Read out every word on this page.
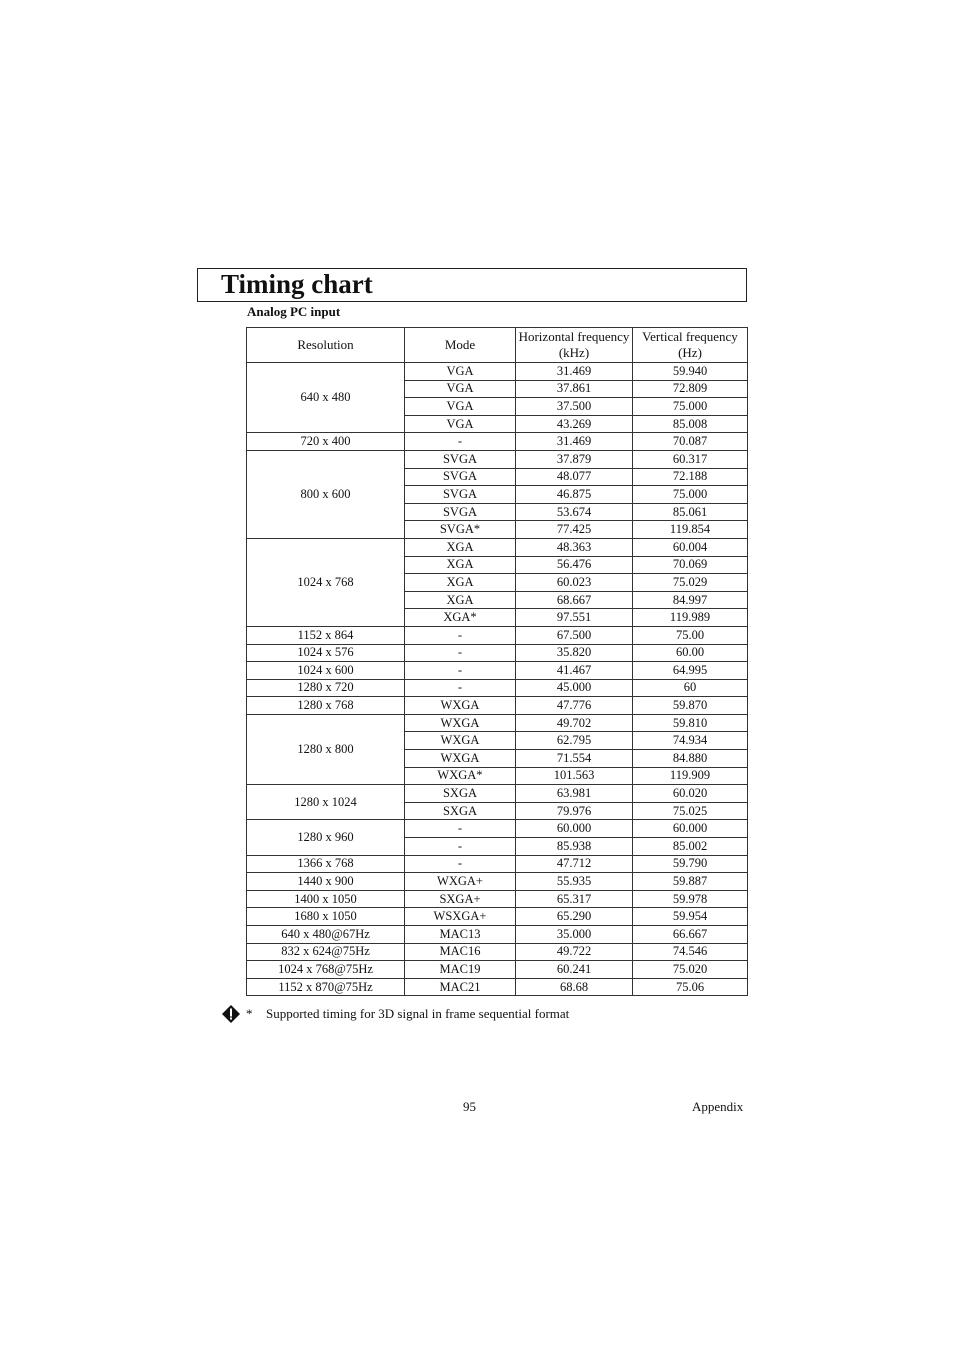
Timing chart
Analog PC input
Resolution	Mode	Horizontal frequency (kHz)	Vertical frequency (Hz)
640 x 480	VGA	31.469	59.940
	VGA	37.861	72.809
	VGA	37.500	75.000
	VGA	43.269	85.008
720 x 400	-	31.469	70.087
800 x 600	SVGA	37.879	60.317
	SVGA	48.077	72.188
	SVGA	46.875	75.000
	SVGA	53.674	85.061
	SVGA*	77.425	119.854
1024 x 768	XGA	48.363	60.004
	XGA	56.476	70.069
	XGA	60.023	75.029
	XGA	68.667	84.997
	XGA*	97.551	119.989
1152 x 864	-	67.500	75.00
1024 x 576	-	35.820	60.00
1024 x 600	-	41.467	64.995
1280 x 720	-	45.000	60
1280 x 768	WXGA	47.776	59.870
1280 x 800	WXGA	49.702	59.810
	WXGA	62.795	74.934
	WXGA	71.554	84.880
	WXGA*	101.563	119.909
1280 x 1024	SXGA	63.981	60.020
	SXGA	79.976	75.025
1280 x 960	-	60.000	60.000
	-	85.938	85.002
1366 x 768	-	47.712	59.790
1440 x 900	WXGA+	55.935	59.887
1400 x 1050	SXGA+	65.317	59.978
1680 x 1050	WSXGA+	65.290	59.954
640 x 480@67Hz	MAC13	35.000	66.667
832 x 624@75Hz	MAC16	49.722	74.546
1024 x 768@75Hz	MAC19	60.241	75.020
1152 x 870@75Hz	MAC21	68.68	75.06
* Supported timing for 3D signal in frame sequential format
95	Appendix
